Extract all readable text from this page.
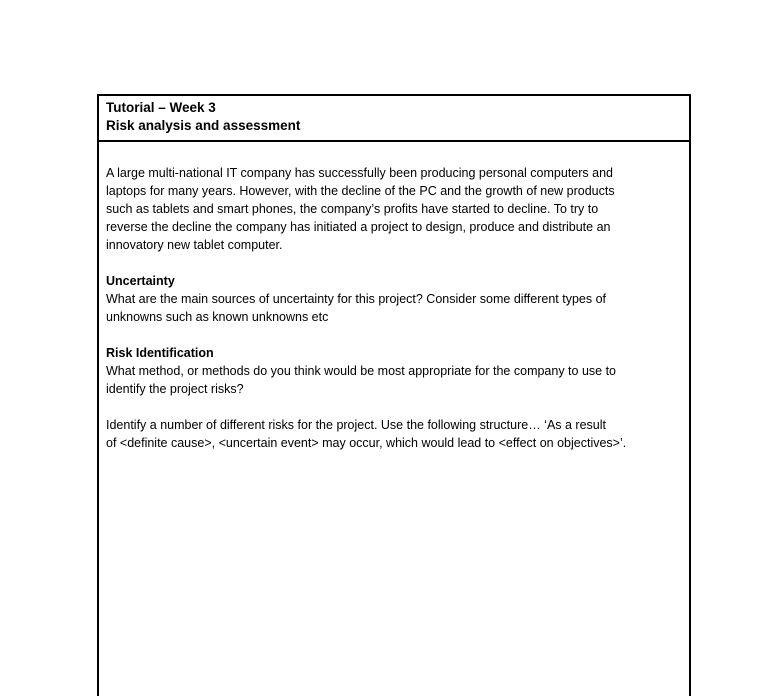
Tutorial – Week 3
Risk analysis and assessment

A large multi-national IT company has successfully been producing personal computers and
laptops for many years. However, with the decline of the PC and the growth of new products
such as tablets and smart phones, the company’s profits have started to decline. To try to
reverse the decline the company has initiated a project to design, produce and distribute an
innovatory new tablet computer.

Uncertainty
What are the main sources of uncertainty for this project? Consider some different types of
unknowns such as known unknowns etc

Risk Identification
What method, or methods do you think would be most appropriate for the company to use to
identify the project risks?

Identify a number of different risks for the project. Use the following structure… ‘As a result
of <definite cause>, <uncertain event> may occur, which would lead to <effect on objectives>’.
